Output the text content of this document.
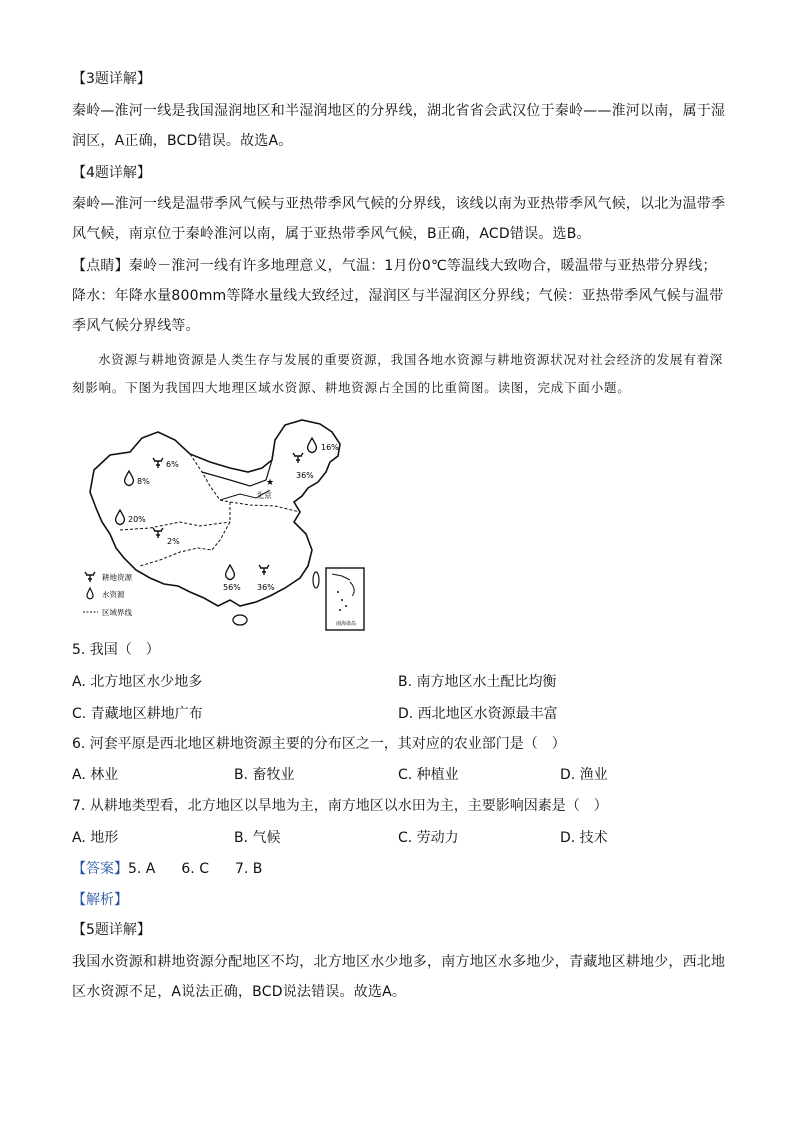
【3题详解】
秦岭—淮河一线是我国湿润地区和半湿润地区的分界线，湖北省省会武汉位于秦岭——淮河以南，属于湿润区，A正确，BCD错误。故选A。
【4题详解】
秦岭—淮河一线是温带季风气候与亚热带季风气候的分界线，该线以南为亚热带季风气候，以北为温带季风气候，南京位于秦岭淮河以南，属于亚热带季风气候，B正确，ACD错误。选B。
【点睛】秦岭－淮河一线有许多地理意义，气温：1月份0℃等温线大致吻合，暖温带与亚热带分界线；降水：年降水量800mm等降水量线大致经过，湿润区与半湿润区分界线；气候：亚热带季风气候与温带季风气候分界线等。
水资源与耕地资源是人类生存与发展的重要资源，我国各地水资源与耕地资源状况对社会经济的发展有着深刻影响。下图为我国四大地理区域水资源、耕地资源占全国的比重简图。读图，完成下面小题。
16%
36%
6%
8%
20%
2%
56% 36%
★
北京
耕地资源
水资源
区域界线
南海诸岛
5. 我国（　）
A. 北方地区水少地多	B. 南方地区水土配比均衡
C. 青藏地区耕地广布	D. 西北地区水资源最丰富
6. 河套平原是西北地区耕地资源主要的分布区之一，其对应的农业部门是（　）
A. 林业	B. 畜牧业	C. 种植业	D. 渔业
7. 从耕地类型看，北方地区以旱地为主，南方地区以水田为主，主要影响因素是（　）
A. 地形	B. 气候	C. 劳动力	D. 技术
【答案】5. A 6. C 7. B
【解析】
【5题详解】
我国水资源和耕地资源分配地区不均，北方地区水少地多，南方地区水多地少，青藏地区耕地少，西北地区水资源不足，A说法正确，BCD说法错误。故选A。
